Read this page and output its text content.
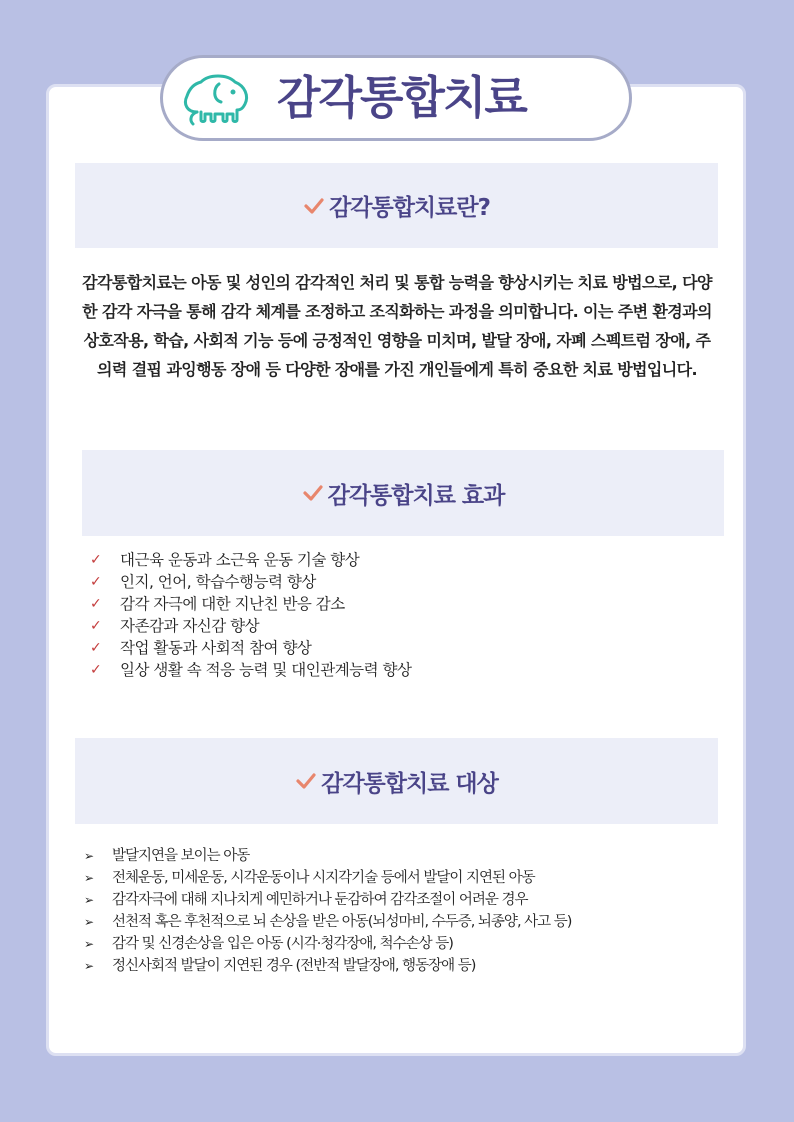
감각통합치료
감각통합치료란?
감각통합치료는 아동 및 성인의 감각적인 처리 및 통합 능력을 향상시키는 치료 방법으로, 다양한 감각 자극을 통해 감각 체계를 조정하고 조직화하는 과정을 의미합니다. 이는 주변 환경과의 상호작용, 학습, 사회적 기능 등에 긍정적인 영향을 미치며, 발달 장애, 자폐 스펙트럼 장애, 주의력 결핍 과잉행동 장애 등 다양한 장애를 가진 개인들에게 특히 중요한 치료 방법입니다.
감각통합치료 효과
✓	대근육 운동과 소근육 운동 기술 향상
✓	인지, 언어, 학습수행능력 향상
✓	감각 자극에 대한 지난친 반응 감소
✓	자존감과 자신감 향상
✓	작업 활동과 사회적 참여 향상
✓	일상 생활 속 적응 능력 및 대인관계능력 향상
감각통합치료 대상
➢	발달지연을 보이는 아동
➢	전체운동, 미세운동, 시각운동이나 시지각기술 등에서 발달이 지연된 아동
➢	감각자극에 대해 지나치게 예민하거나 둔감하여 감각조절이 어려운 경우
➢	선천적 혹은 후천적으로 뇌 손상을 받은 아동(뇌성마비, 수두증, 뇌종양, 사고 등)
➢	감각 및 신경손상을 입은 아동 (시각·청각장애, 척수손상 등)
➢	정신사회적 발달이 지연된 경우 (전반적 발달장애, 행동장애 등)
